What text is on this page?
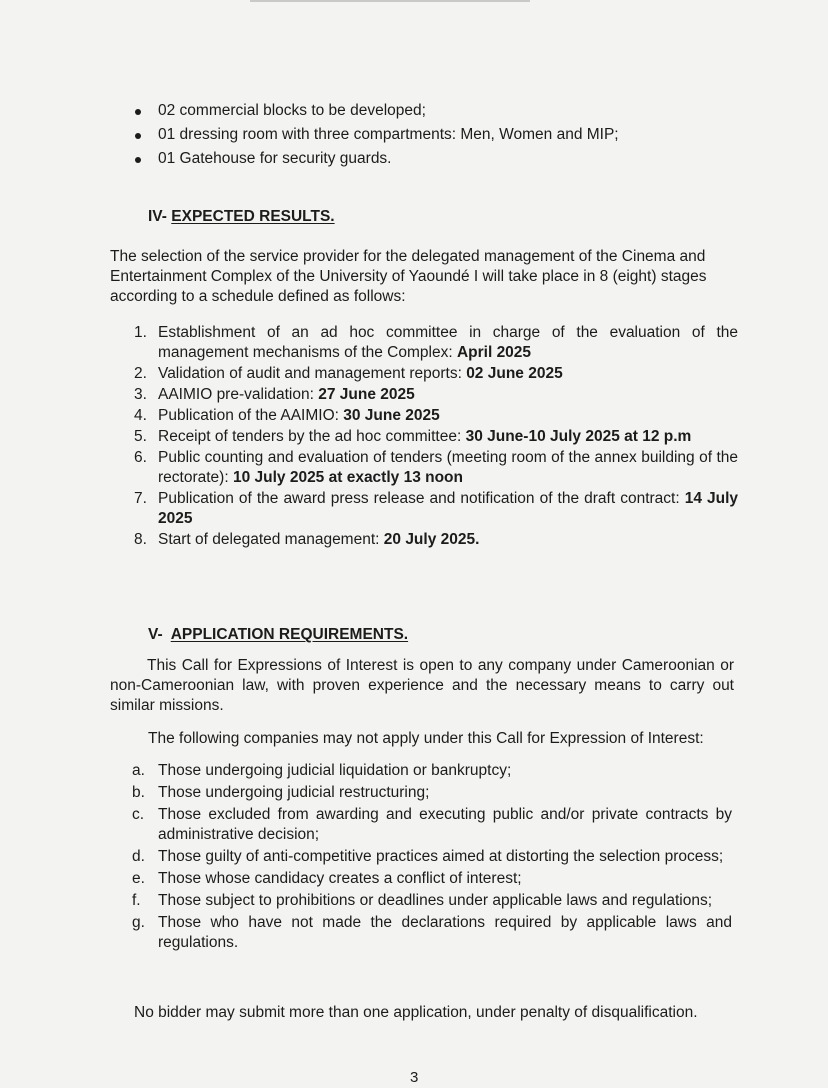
02 commercial blocks to be developed;
01 dressing room with three compartments: Men, Women and MIP;
01 Gatehouse for security guards.
IV- EXPECTED RESULTS.

The selection of the service provider for the delegated management of the Cinema and Entertainment Complex of the University of Yaoundé I will take place in 8 (eight) stages according to a schedule defined as follows:

1. Establishment of an ad hoc committee in charge of the evaluation of the management mechanisms of the Complex: April 2025
2. Validation of audit and management reports: 02 June 2025
3. AAIMIO pre-validation: 27 June 2025
4. Publication of the AAIMIO: 30 June 2025
5. Receipt of tenders by the ad hoc committee: 30 June-10 July 2025 at 12 p.m
6. Public counting and evaluation of tenders (meeting room of the annex building of the rectorate): 10 July 2025 at exactly 13 noon
7. Publication of the award press release and notification of the draft contract: 14 July 2025
8. Start of delegated management: 20 July 2025.
V- APPLICATION REQUIREMENTS.

This Call for Expressions of Interest is open to any company under Cameroonian or non-Cameroonian law, with proven experience and the necessary means to carry out similar missions.

The following companies may not apply under this Call for Expression of Interest:

a. Those undergoing judicial liquidation or bankruptcy;
b. Those undergoing judicial restructuring;
c. Those excluded from awarding and executing public and/or private contracts by administrative decision;
d. Those guilty of anti-competitive practices aimed at distorting the selection process;
e. Those whose candidacy creates a conflict of interest;
f.	Those subject to prohibitions or deadlines under applicable laws and regulations;
g. Those who have not made the declarations required by applicable laws and regulations.

No bidder may submit more than one application, under penalty of disqualification.

3
